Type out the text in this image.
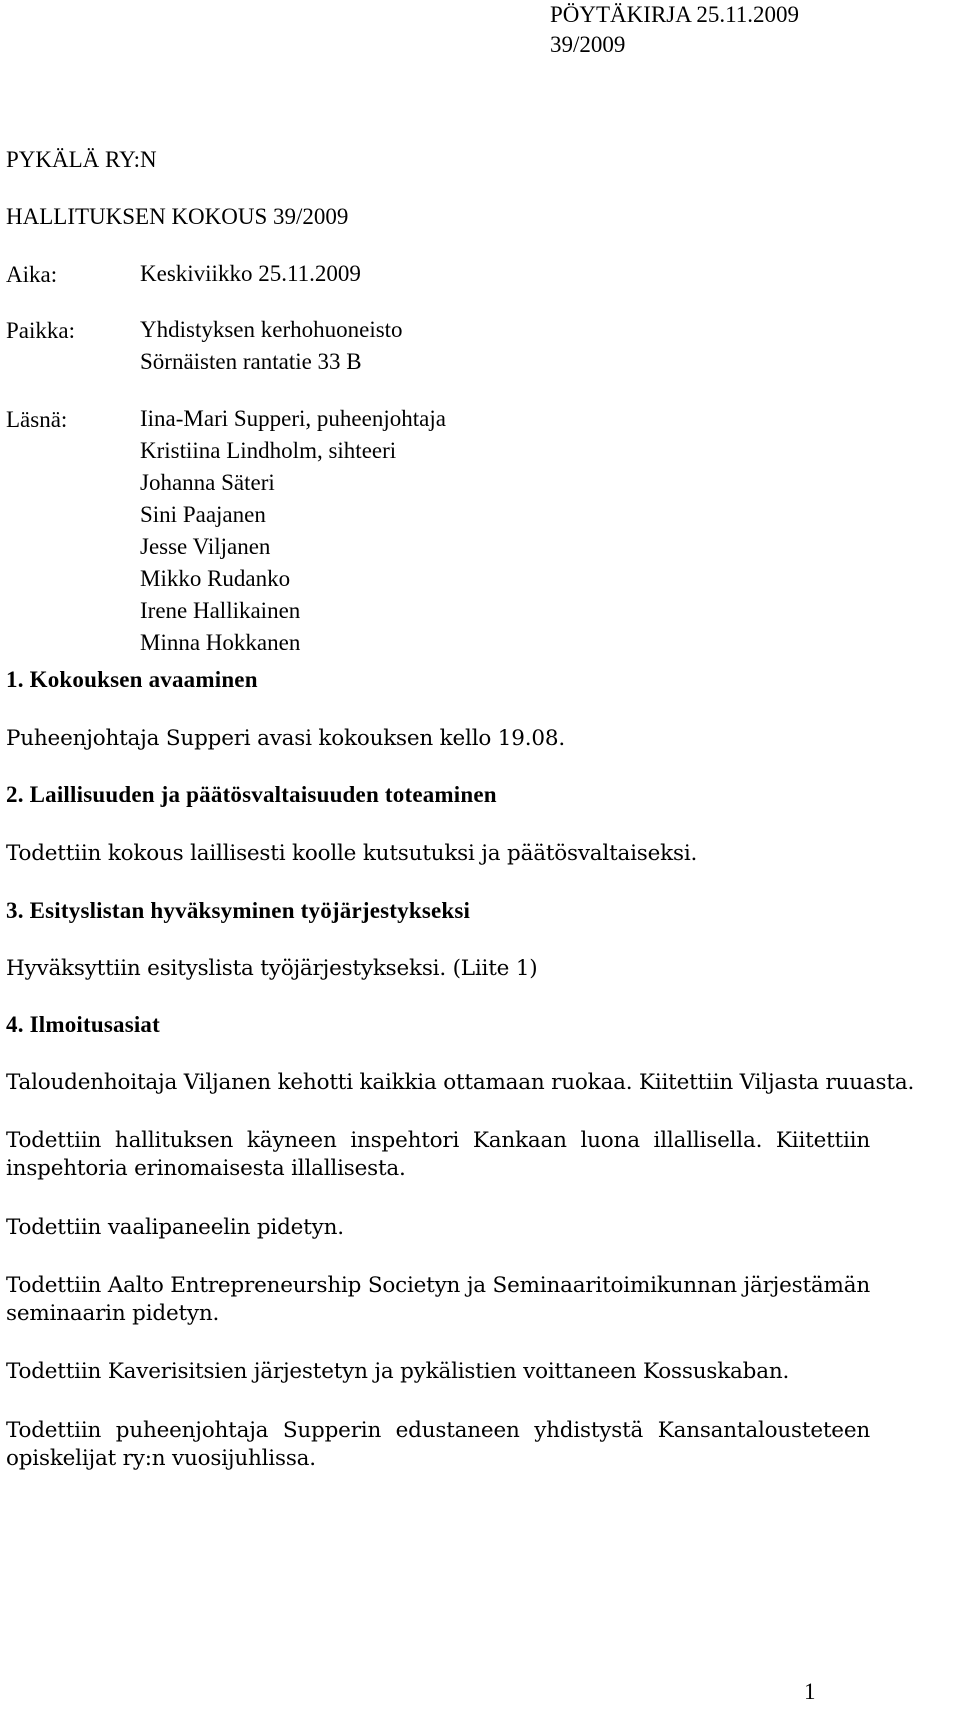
PÖYTÄKIRJA 25.11.2009
39/2009
PYKÄLÄ RY:N
HALLITUKSEN KOKOUS 39/2009
Aika:	Keskiviikko 25.11.2009
Paikka:	Yhdistyksen kerhohuoneisto
Sörnäisten rantatie 33 B
Läsnä:	Iina-Mari Supperi, puheenjohtaja
Kristiina Lindholm, sihteeri
Johanna Säteri
Sini Paajanen
Jesse Viljanen
Mikko Rudanko
Irene Hallikainen
Minna Hokkanen
1. Kokouksen avaaminen
Puheenjohtaja Supperi avasi kokouksen kello 19.08.
2. Laillisuuden ja päätösvaltaisuuden toteaminen
Todettiin kokous laillisesti koolle kutsutuksi ja päätösvaltaiseksi.
3. Esityslistan hyväksyminen työjärjestykseksi
Hyväksyttiin esityslista työjärjestykseksi. (Liite 1)
4. Ilmoitusasiat
Taloudenhoitaja Viljanen kehotti kaikkia ottamaan ruokaa. Kiitettiin Viljasta ruuasta.
Todettiin hallituksen käyneen inspehtori Kankaan luona illallisella. Kiitettiin
inspehtoria erinomaisesta illallisesta.
Todettiin vaalipaneelin pidetyn.
Todettiin Aalto Entrepreneurship Societyn ja Seminaaritoimikunnan järjestämän
seminaarin pidetyn.
Todettiin Kaverisitsien järjestetyn ja pykälistien voittaneen Kossuskaban.
Todettiin puheenjohtaja Supperin edustaneen yhdistystä Kansantalousteteen
opiskelijat ry:n vuosijuhlissa.
1
